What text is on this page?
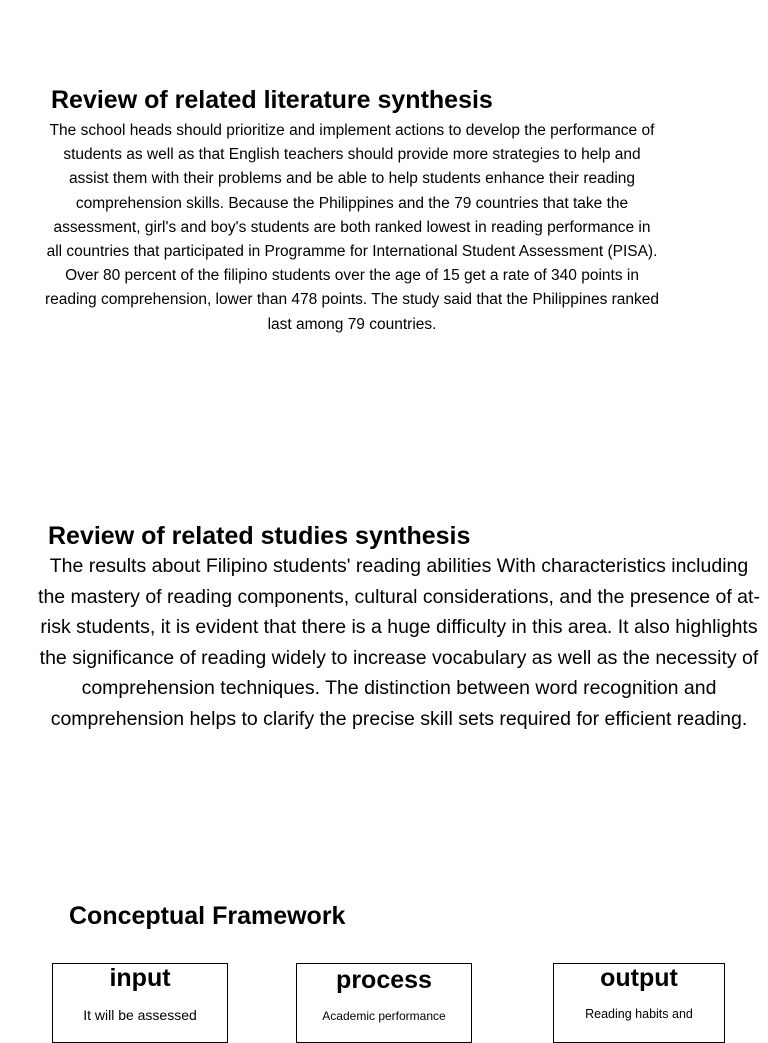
Review of related literature synthesis

The school heads should prioritize and implement actions to develop the performance of students as well as that English teachers should provide more strategies to help and assist them with their problems and be able to help students enhance their reading comprehension skills. Because the Philippines and the 79 countries that take the assessment, girl's and boy's students are both ranked lowest in reading performance in all countries that participated in Programme for International Student Assessment (PISA). Over 80 percent of the filipino students over the age of 15 get a rate of 340 points in reading comprehension, lower than 478 points. The study said that the Philippines ranked last among 79 countries.

Review of related studies synthesis

The results about Filipino students' reading abilities With characteristics including the mastery of reading components, cultural considerations, and the presence of at-risk students, it is evident that there is a huge difficulty in this area. It also highlights the significance of reading widely to increase vocabulary as well as the necessity of comprehension techniques. The distinction between word recognition and comprehension helps to clarify the precise skill sets required for efficient reading.

Conceptual Framework
input
It will be assessed
process
Academic performance
output
Reading habits and
